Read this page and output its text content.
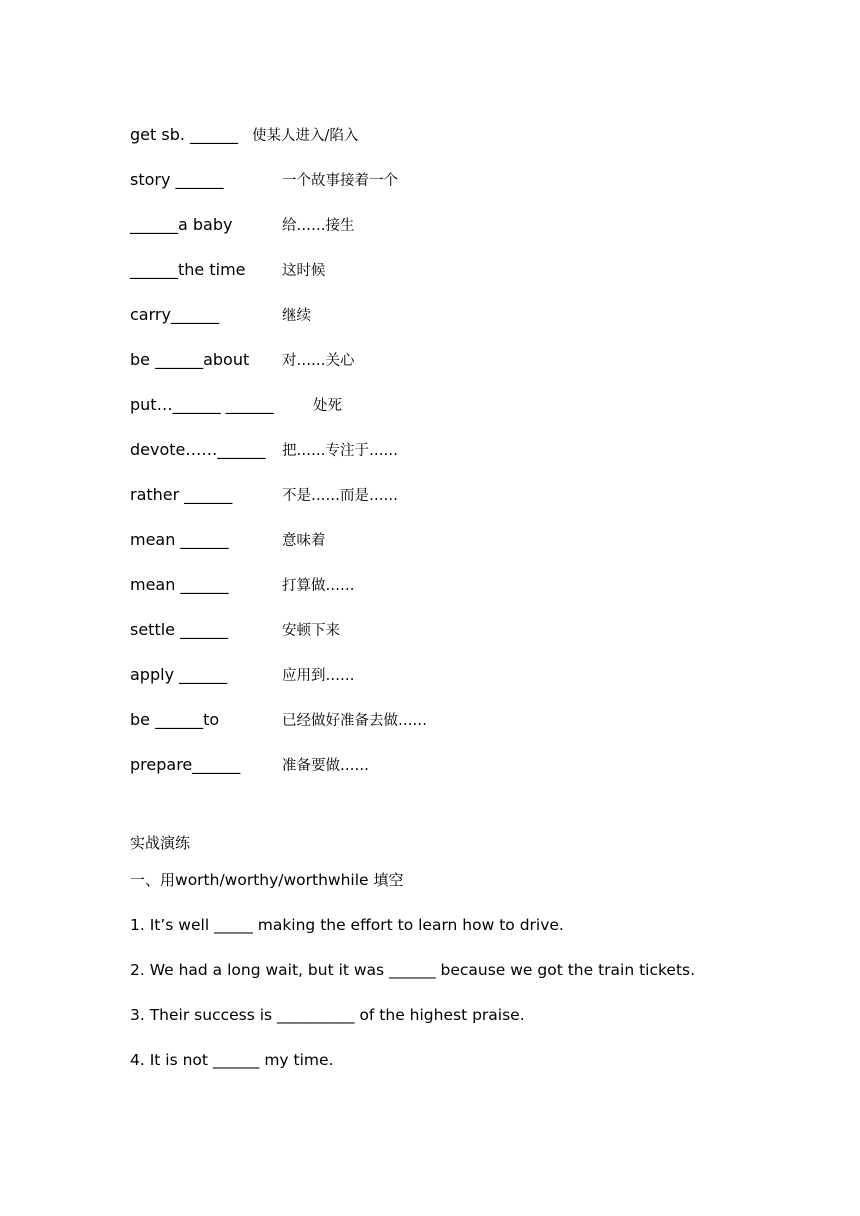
get sb. ______ 使某人进入/陷入
story ______	一个故事接着一个
______a baby	给……接生
______the time	这时候
carry______	继续
be ______about	对……关心
put…______ ______	处死
devote……______	把……专注于……
rather ______	不是……而是……
mean ______	意味着
mean ______	打算做……
settle ______	安顿下来
apply ______	应用到……
be ______to	已经做好准备去做……
prepare______	准备要做……
实战演练
一、用worth/worthy/worthwhile 填空
1. It’s well _____ making the effort to learn how to drive.
2. We had a long wait, but it was ______ because we got the train tickets.
3. Their success is __________ of the highest praise.
4. It is not ______ my time.
